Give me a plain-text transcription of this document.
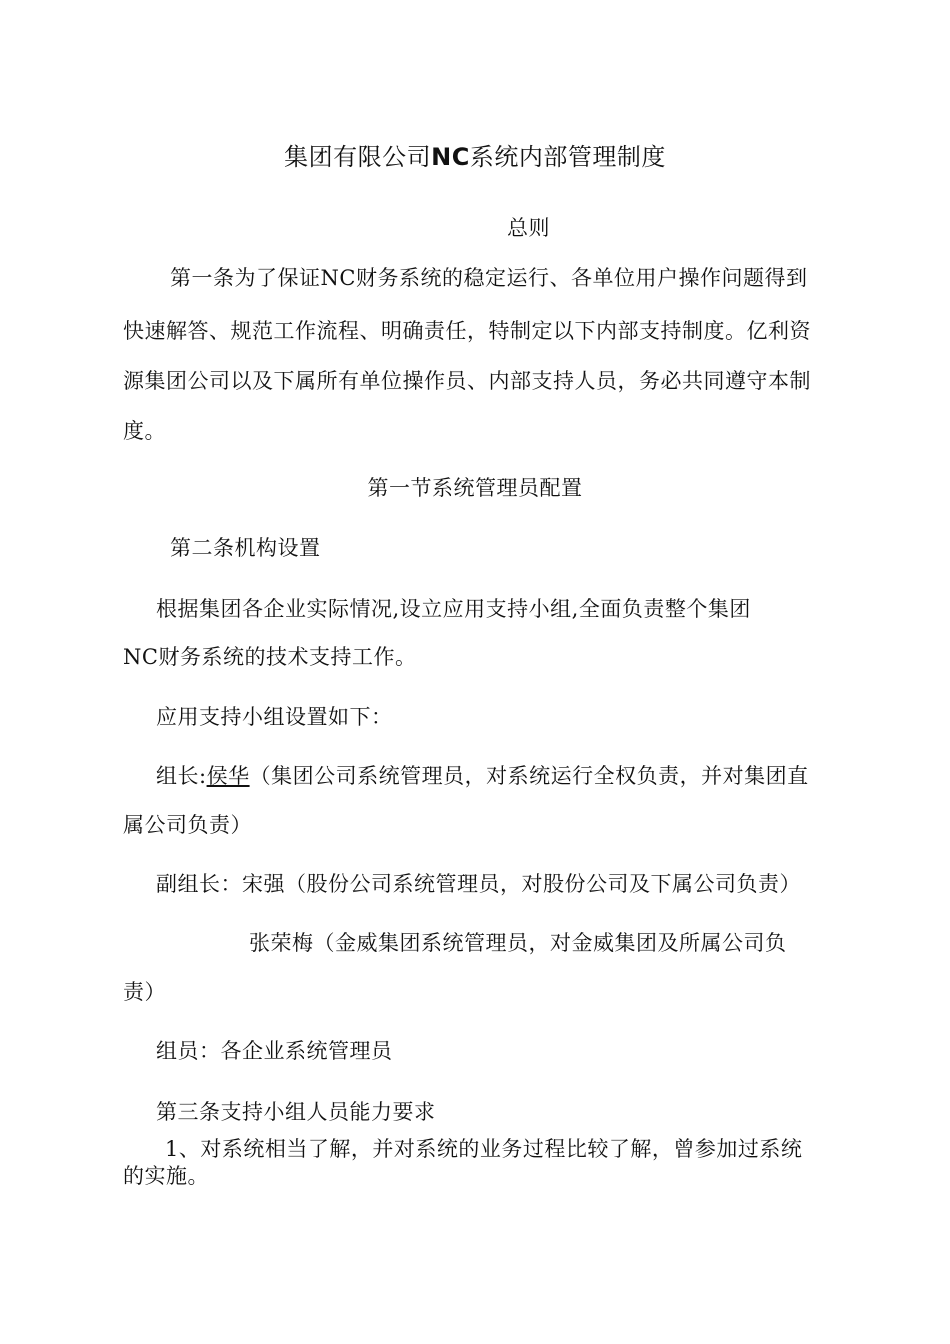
集团有限公司NC系统内部管理制度
总则
第一条为了保证NC财务系统的稳定运行、各单位用户操作问题得到
快速解答、规范工作流程、明确责任，特制定以下内部支持制度。亿利资
源集团公司以及下属所有单位操作员、内部支持人员，务必共同遵守本制
度。
第一节系统管理员配置
第二条机构设置
根据集团各企业实际情况,设立应用支持小组,全面负责整个集团
NC财务系统的技术支持工作。
应用支持小组设置如下：
组长:侯华（集团公司系统管理员，对系统运行全权负责，并对集团直
属公司负责）
副组长：宋强（股份公司系统管理员，对股份公司及下属公司负责）
张荣梅（金威集团系统管理员，对金威集团及所属公司负
责）
组员：各企业系统管理员
第三条支持小组人员能力要求
1、对系统相当了解，并对系统的业务过程比较了解，曾参加过系统
的实施。
